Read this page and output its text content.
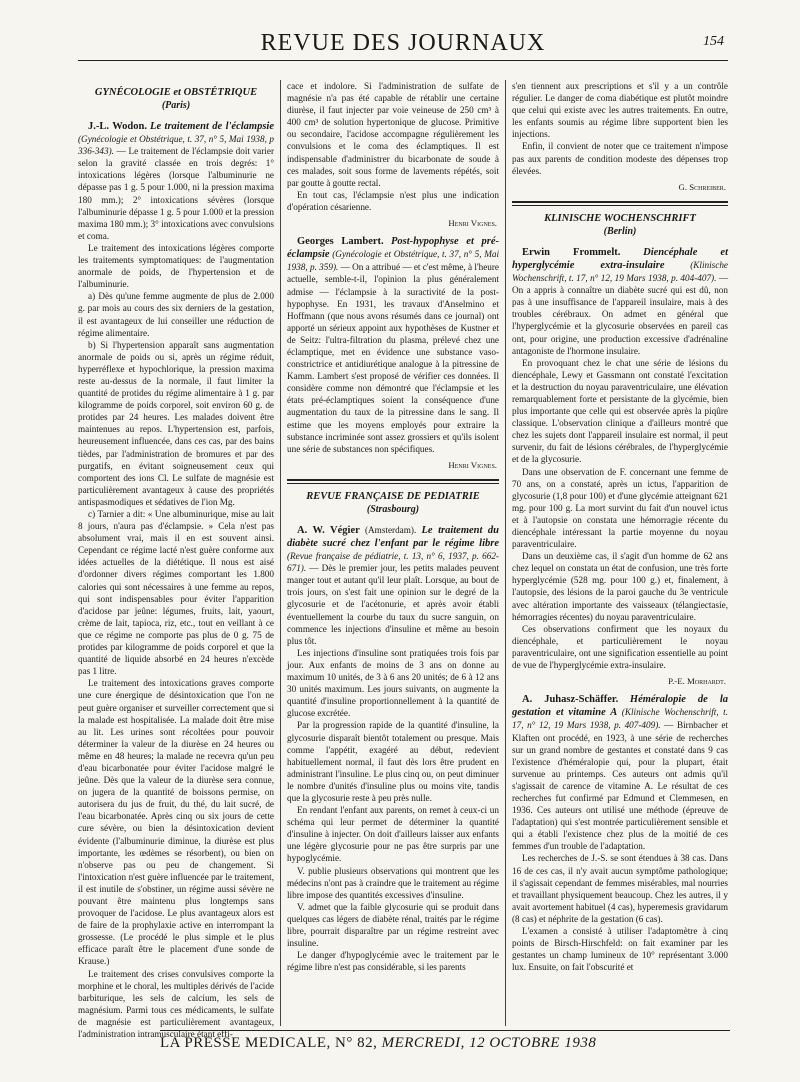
REVUE DES JOURNAUX	154
GYNÉCOLOGIE et OBSTÉTRIQUE
(Paris)

J.-L. Wodon. Le traitement de l'éclampsie (Gynécologie et Obstétrique, t. 37, n° 5, Mai 1938, p 336-343). — Le traitement de l'éclampsie doit varier selon la gravité classée en trois degrés: 1° intoxications légères (lorsque l'albuminurie ne dépasse pas 1 g. 5 pour 1.000, ni la pression maxima 180 mm.); 2° intoxications sévères (lorsque l'albuminurie dépasse 1 g. 5 pour 1.000 et la pression maxima 180 mm.); 3° intoxications avec convulsions et coma.

Le traitement des intoxications légères comporte les traitements symptomatiques: de l'augmentation anormale de poids, de l'hypertension et de l'albuminurie.

a) Dès qu'une femme augmente de plus de 2.000 g. par mois au cours des six derniers de la gestation, il est avantageux de lui conseiller une réduction de régime alimentaire.

b) Si l'hypertension apparaît sans augmentation anormale de poids ou si, après un régime réduit, hyperréflexe et hypochlorique, la pression maxima reste au-dessus de la normale, il faut limiter la quantité de protides du régime alimentaire à 1 g. par kilogramme de poids corporel, soit environ 60 g. de protides par 24 heures. Les malades doivent être maintenues au repos. L'hypertension est, parfois, heureusement influencée, dans ces cas, par des bains tièdes, par l'administration de bromures et par des purgatifs, en évitant soigneusement ceux qui comportent des ions Cl. Le sulfate de magnésie est particulièrement avantageux à cause des propriétés antispasmodiques et sédatives de l'ion Mg.

c) Tarnier a dit: « Une albuminurique, mise au lait 8 jours, n'aura pas d'éclampsie. » Cela n'est pas absolument vrai, mais il en est souvent ainsi. Cependant ce régime lacté n'est guère conforme aux idées actuelles de la diététique. Il nous est aisé d'ordonner divers régimes comportant les 1.800 calories qui sont nécessaires à une femme au repos, qui sont indispensables pour éviter l'apparition d'acidose par jeûne: légumes, fruits, lait, yaourt, crème de lait, tapioca, riz, etc., tout en veillant à ce que ce régime ne comporte pas plus de 0 g. 75 de protides par kilogramme de poids corporel et que la quantité de liquide absorbé en 24 heures n'excède pas 1 litre.

Le traitement des intoxications graves comporte une cure énergique de désintoxication que l'on ne peut guère organiser et surveiller correctement que si la malade est hospitalisée. La malade doit être mise au lit. Les urines sont récoltées pour pouvoir déterminer la valeur de la diurèse en 24 heures ou même en 48 heures; la malade ne recevra qu'un peu d'eau bicarbonatée pour éviter l'acidose malgré le jeûne. Dès que la valeur de la diurèse sera connue, on jugera de la quantité de boissons permise, on autorisera du jus de fruit, du thé, du lait sucré, de l'eau bicarbonatée. Après cinq ou six jours de cette cure sévère, ou bien la désintoxication devient évidente (l'albuminurie diminue, la diurèse est plus importante, les œdèmes se résorbent), ou bien on n'observe pas ou peu de changement. Si l'intoxication n'est guère influencée par le traitement, il est inutile de s'obstiner, un régime aussi sévère ne pouvant être maintenu plus longtemps sans provoquer de l'acidose. Le plus avantageux alors est de faire de la prophylaxie active en interrompant la grossesse. (Le procédé le plus simple et le plus efficace paraît être le placement d'une sonde de Krause.)

Le traitement des crises convulsives comporte la morphine et le choral, les multiples dérivés de l'acide barbiturique, les sels de calcium, les sels de magnésium. Parmi tous ces médicaments, le sulfate de magnésie est particulièrement avantageux, l'administration intramusculaire étant effi-

cace et indolore. Si l'administration de sulfate de magnésie n'a pas été capable de rétablir une certaine diurèse, il faut injecter par voie veineuse de 250 cm³ à 400 cm³ de solution hypertonique de glucose. Primitive ou secondaire, l'acidose accompagne régulièrement les convulsions et le coma des éclamptiques. Il est indispensable d'administrer du bicarbonate de soude à ces malades, soit sous forme de lavements répétés, soit par goutte à goutte rectal.

En tout cas, l'éclampsie n'est plus une indication d'opération césarienne.

Henri Vignes.

Georges Lambert. Post-hypophyse et pré-éclampsie (Gynécologie et Obstétrique, t. 37, n° 5, Mai 1938, p. 359). — On a attribué — et c'est même, à l'heure actuelle, semble-t-il, l'opinion la plus généralement admise — l'éclampsie à la suractivité de la post-hypophyse. En 1931, les travaux d'Anselmino et Hoffmann (que nous avons résumés dans ce journal) ont apporté un sérieux appoint aux hypothèses de Kustner et de Seitz: l'ultra-filtration du plasma, prélevé chez une éclamptique, met en évidence une substance vaso-constrictrice et antidiurétique analogue à la pitressine de Kamm. Lambert s'est proposé de vérifier ces données. Il considère comme non démontré que l'éclampsie et les états pré-éclamptiques soient la conséquence d'une augmentation du taux de la pitressine dans le sang. Il estime que les moyens employés pour extraire la substance incriminée sont assez grossiers et qu'ils isolent une série de substances non spécifiques.

Henri Vignes.

REVUE FRANÇAISE DE PEDIATRIE
(Strasbourg)

A. W. Végier (Amsterdam). Le traitement du diabète sucré chez l'enfant par le régime libre (Revue française de pédiatrie, t. 13, n° 6, 1937, p. 662-671). — Dès le premier jour, les petits malades peuvent manger tout et autant qu'il leur plaît. Lorsque, au bout de trois jours, on s'est fait une opinion sur le degré de la glycosurie et de l'acétonurie, et après avoir établi éventuellement la courbe du taux du sucre sanguin, on commence les injections d'insuline et même au besoin plus tôt.

Les injections d'insuline sont pratiquées trois fois par jour. Aux enfants de moins de 3 ans on donne au maximum 10 unités, de 3 à 6 ans 20 unités; de 6 à 12 ans 30 unités maximum. Les jours suivants, on augmente la quantité d'insuline proportionnellement à la quantité de glucose excrétée.

Par la progression rapide de la quantité d'insuline, la glycosurie disparaît bientôt totalement ou presque. Mais comme l'appétit, exagéré au début, redevient habituellement normal, il faut dès lors être prudent en administrant l'insuline. Le plus cinq ou, on peut diminuer le nombre d'unités d'insuline plus ou moins vite, tandis que la glycosurie reste à peu près nulle.

En rendant l'enfant aux parents, on remet à ceux-ci un schéma qui leur permet de déterminer la quantité d'insuline à injecter. On doit d'ailleurs laisser aux enfants une légère glycosurie pour ne pas être surpris par une hypoglycémie.

V. publie plusieurs observations qui montrent que les médecins n'ont pas à craindre que le traitement au régime libre impose des quantités excessives d'insuline.

V. admet que la faible glycosurie qui se produit dans quelques cas légers de diabète rénal, traités par le régime libre, pourrait disparaître par un régime restreint avec insuline.

Le danger d'hypoglycémie avec le traitement par le régime libre n'est pas considérable, si les parents

s'en tiennent aux prescriptions et s'il y a un contrôle régulier. Le danger de coma diabétique est plutôt moindre que celui qui existe avec les autres traitements. En outre, les enfants soumis au régime libre supportent bien les injections.

Enfin, il convient de noter que ce traitement n'impose pas aux parents de condition modeste des dépenses trop élevées.

G. Schreiber.

KLINISCHE WOCHENSCHRIFT
(Berlin)

Erwin Frommelt. Diencéphale et hyperglycémie extra-insulaire	(Klinische Wochenschrift, t. 17, n° 12, 19 Mars 1938, p. 404-407). — On a appris à connaître un diabète sucré qui est dû, non pas à une insuffisance de l'appareil insulaire, mais à des troubles cérébraux. On admet en général que l'hyperglycémie et la glycosurie observées en pareil cas ont, pour origine, une production excessive d'adrénaline antagoniste de l'hormone insulaire.

En provoquant chez le chat une série de lésions du diencéphale, Lewy et Gassmann ont constaté l'excitation et la destruction du noyau paraventriculaire, une élévation remarquablement forte et persistante de la glycémie, bien plus importante que celle qui est observée après la piqûre classique. L'observation clinique a d'ailleurs montré que chez les sujets dont l'appareil insulaire est normal, il peut survenir, du fait de lésions cérébrales, de l'hyperglycémie et de la glycosurie.

Dans une observation de F. concernant une femme de 70 ans, on a constaté, après un ictus, l'apparition de glycosurie (1,8 pour 100) et d'une glycémie atteignant 621 mg. pour 100 g. La mort survint du fait d'un nouvel ictus et à l'autopsie on constata une hémorragie récente du diencéphale intéressant la partie moyenne du noyau paraventriculaire.

Dans un deuxième cas, il s'agit d'un homme de 62 ans chez lequel on constata un état de confusion, une très forte hyperglycémie (528 mg. pour 100 g.) et, finalement, à l'autopsie, des lésions de la paroi gauche du 3e ventricule avec altération importante des vaisseaux (télangiectasie, hémorragies récentes) du noyau paraventriculaire.

Ces observations confirment que les noyaux du diencéphale, et particulièrement le noyau paraventriculaire, ont une signification essentielle au point de vue de l'hyperglycémie extra-insulaire.

P.-E. Morhardt.

A. Juhasz-Schäffer. Héméralopie de la gestation et vitamine A (Klinische Wochenschrift, t. 17, n° 12, 19 Mars 1938, p. 407-409). — Birnbacher et Klaften ont procédé, en 1923, à une série de recherches sur un grand nombre de gestantes et constaté dans 9 cas l'existence d'héméralopie qui, pour la plupart, était survenue au printemps. Ces auteurs ont admis qu'il s'agissait de carence de vitamine A. Le résultat de ces recherches fut confirmé par Edmund et Clemmesen, en 1936. Ces auteurs ont utilisé une méthode (épreuve de l'adaptation) qui s'est montrée particulièrement sensible et qui a établi l'existence chez plus de la moitié de ces femmes d'un trouble de l'adaptation.

Les recherches de J.-S. se sont étendues à 38 cas. Dans 16 de ces cas, il n'y avait aucun symptôme pathologique; il s'agissait cependant de femmes misérables, mal nourries et travaillant physiquement beaucoup. Chez les autres, il y avait avortement habituel (4 cas), hyperemesis gravidarum (8 cas) et néphrite de la gestation (6 cas).

L'examen a consisté à utiliser l'adaptomètre à cinq points de Birsch-Hirschfeld: on fait examiner par les gestantes un champ lumineux de 10° représentant 3.000 lux. Ensuite, on fait l'obscurité et

LA PRESSE MEDICALE, N° 82, MERCREDI, 12 OCTOBRE 1938
